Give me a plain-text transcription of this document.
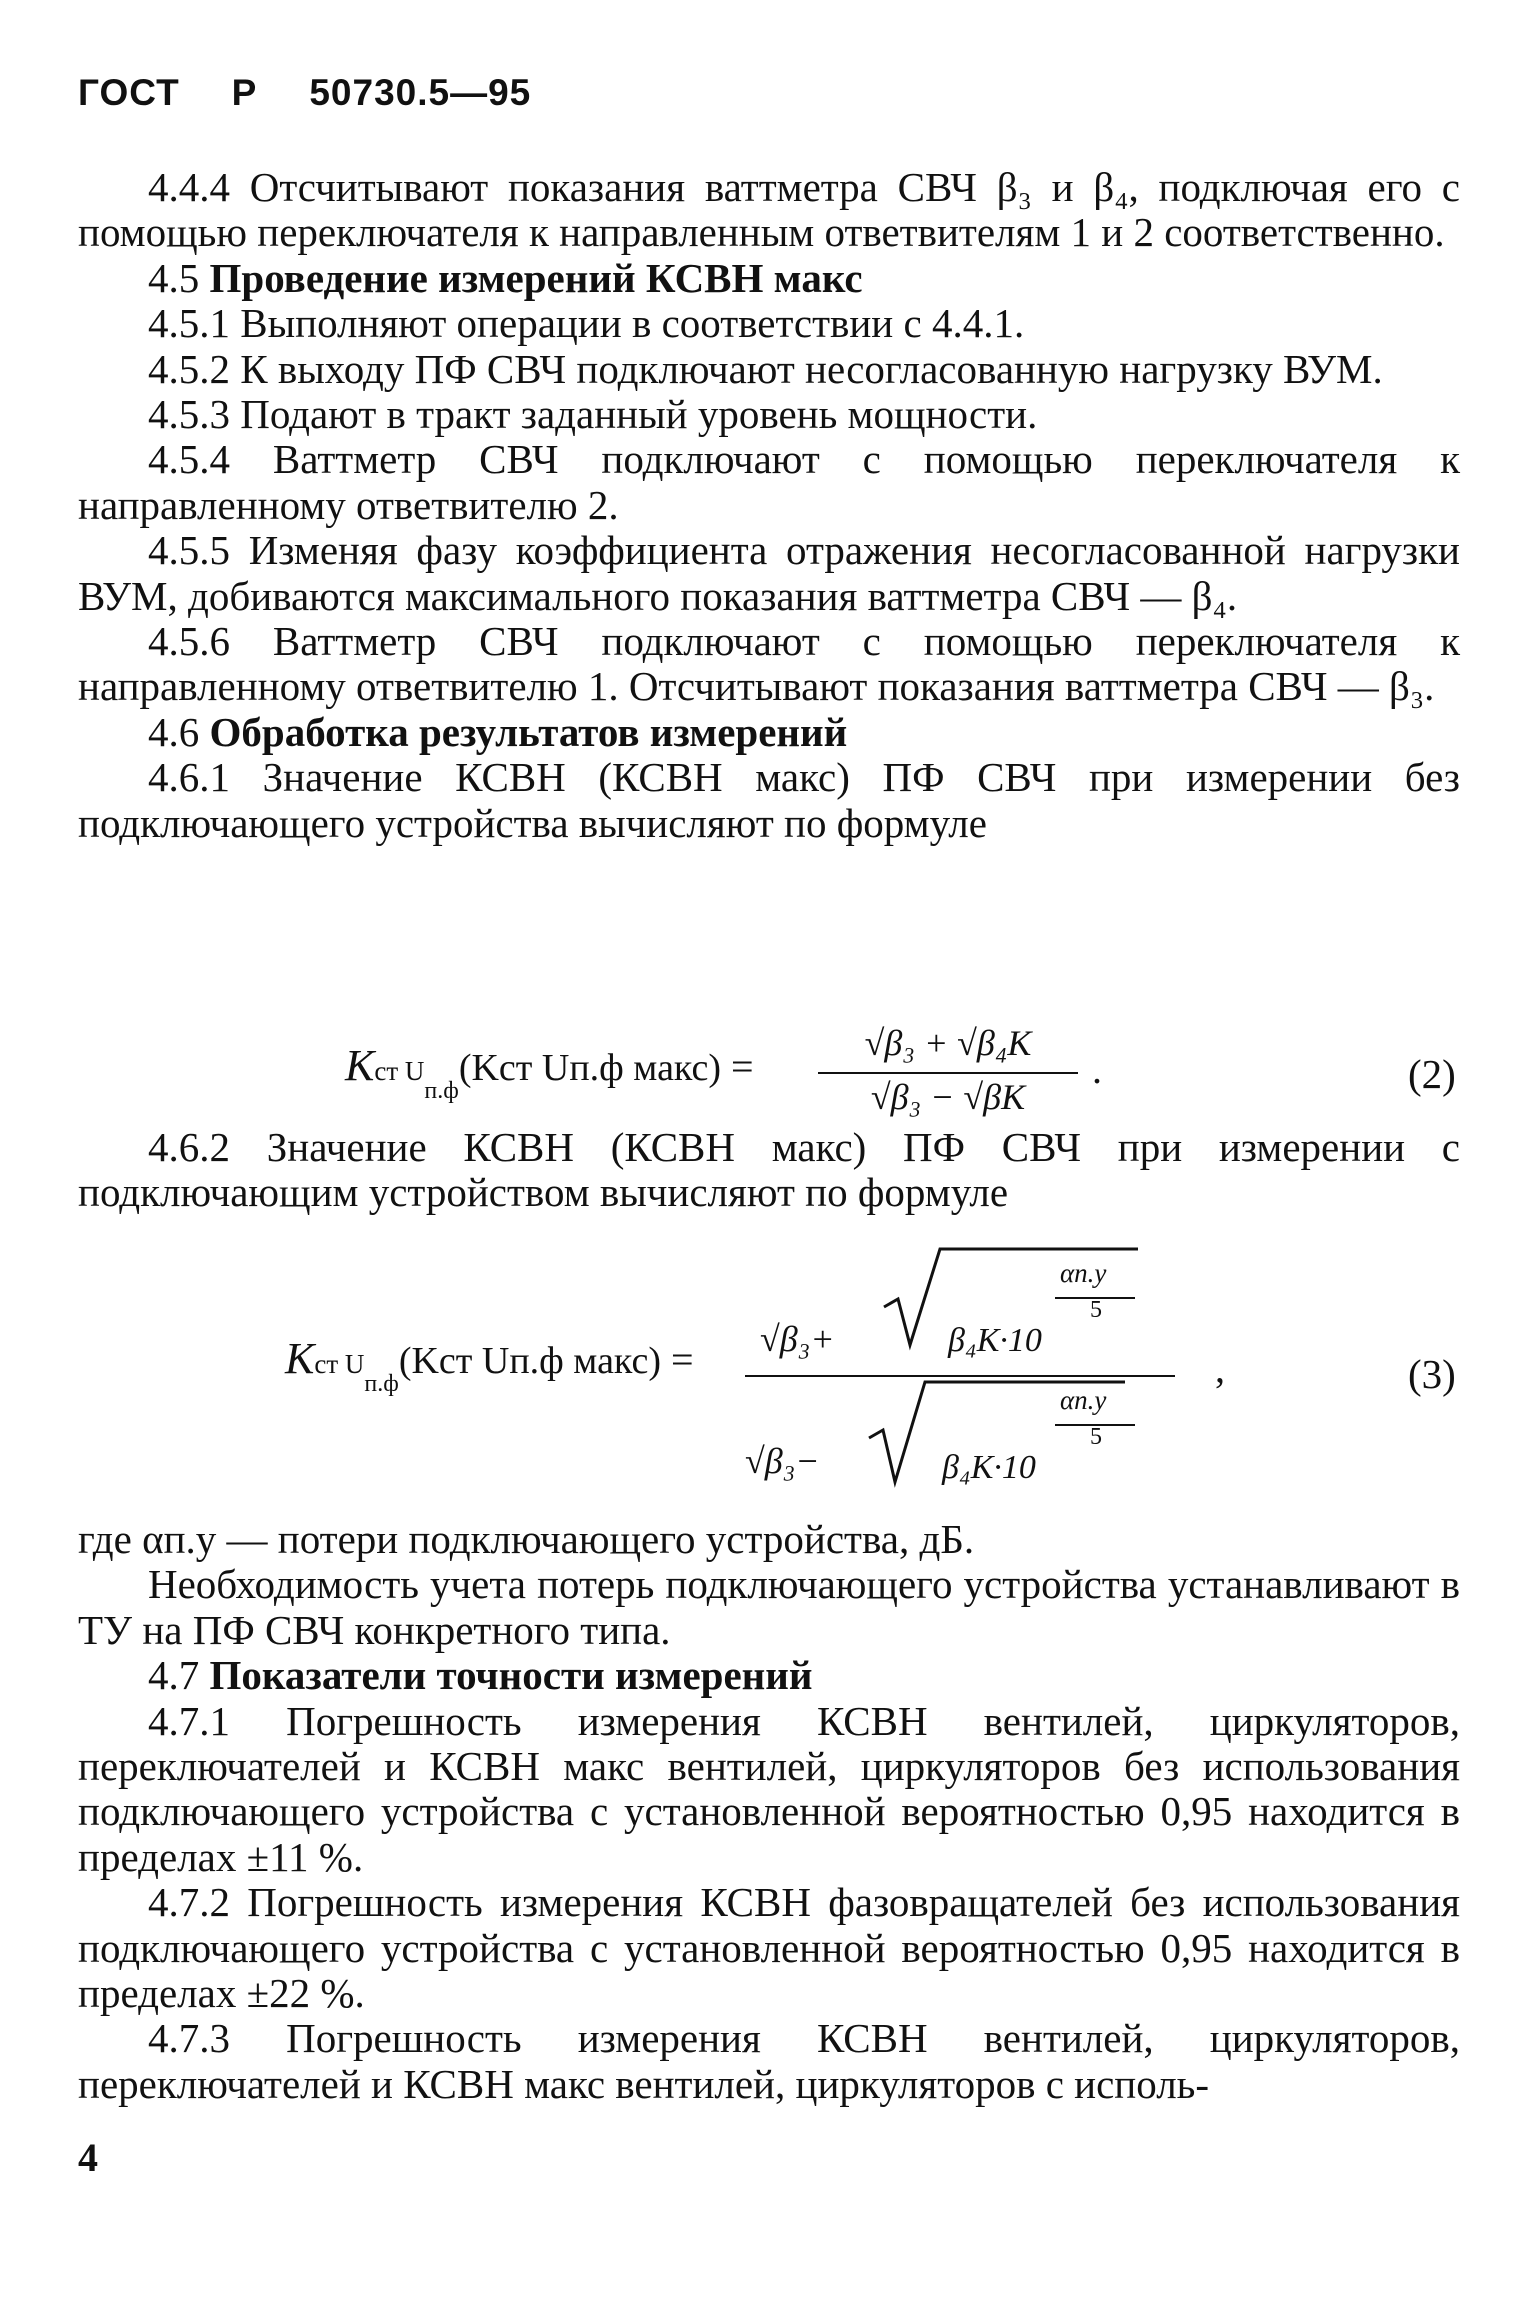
ГОСТ Р 50730.5—95

4.4.4 Отсчитывают показания ваттметра СВЧ β₃ и β₄, подключая его с помощью переключателя к направленным ответвителям 1 и 2 соответственно.

4.5 Проведение измерений КСВН макс

4.5.1 Выполняют операции в соответствии с 4.4.1.

4.5.2 К выходу ПФ СВЧ подключают несогласованную нагрузку ВУМ.

4.5.3 Подают в тракт заданный уровень мощности.

4.5.4 Ваттметр СВЧ подключают с помощью переключателя к направленному ответвителю 2.

4.5.5 Изменяя фазу коэффициента отражения несогласованной нагрузки ВУМ, добиваются максимального показания ваттметра СВЧ — β₄.

4.5.6 Ваттметр СВЧ подключают с помощью переключателя к направленному ответвителю 1. Отсчитывают показания ваттметра СВЧ — β₃.

4.6 Обработка результатов измерений

4.6.1 Значение КСВН (КСВН макс) ПФ СВЧ при измерении без подключающего устройства вычисляют по формуле

Kст $U_{п.ф}(Kст$ Uп.ф макс) =
√β₃ + √β₄K
√β₃ − √βK
.	(2)

4.6.2 Значение КСВН (КСВН макс) ПФ СВЧ при измерении с подключающим устройством вычисляют по формуле

Kст $U_{п.ф}(Kст$ Uп.ф макс) = √β₃+
αп.у
5
β₄K·10
√β₃−
αп.у
5
β₄K·10
,	(3)

где αп.у — потери подключающего устройства, дБ.

Необходимость учета потерь подключающего устройства устанавливают в ТУ на ПФ СВЧ конкретного типа.

4.7 Показатели точности измерений

4.7.1 Погрешность измерения КСВН вентилей, циркуляторов, переключателей и КСВН макс вентилей, циркуляторов без использования подключающего устройства с установленной вероятностью 0,95 находится в пределах ±11 %.

4.7.2 Погрешность измерения КСВН фазовращателей без использования подключающего устройства с установленной вероятностью 0,95 находится в пределах ±22 %.

4.7.3 Погрешность измерения КСВН вентилей, циркуляторов, переключателей и КСВН макс вентилей, циркуляторов с исполь-

4
